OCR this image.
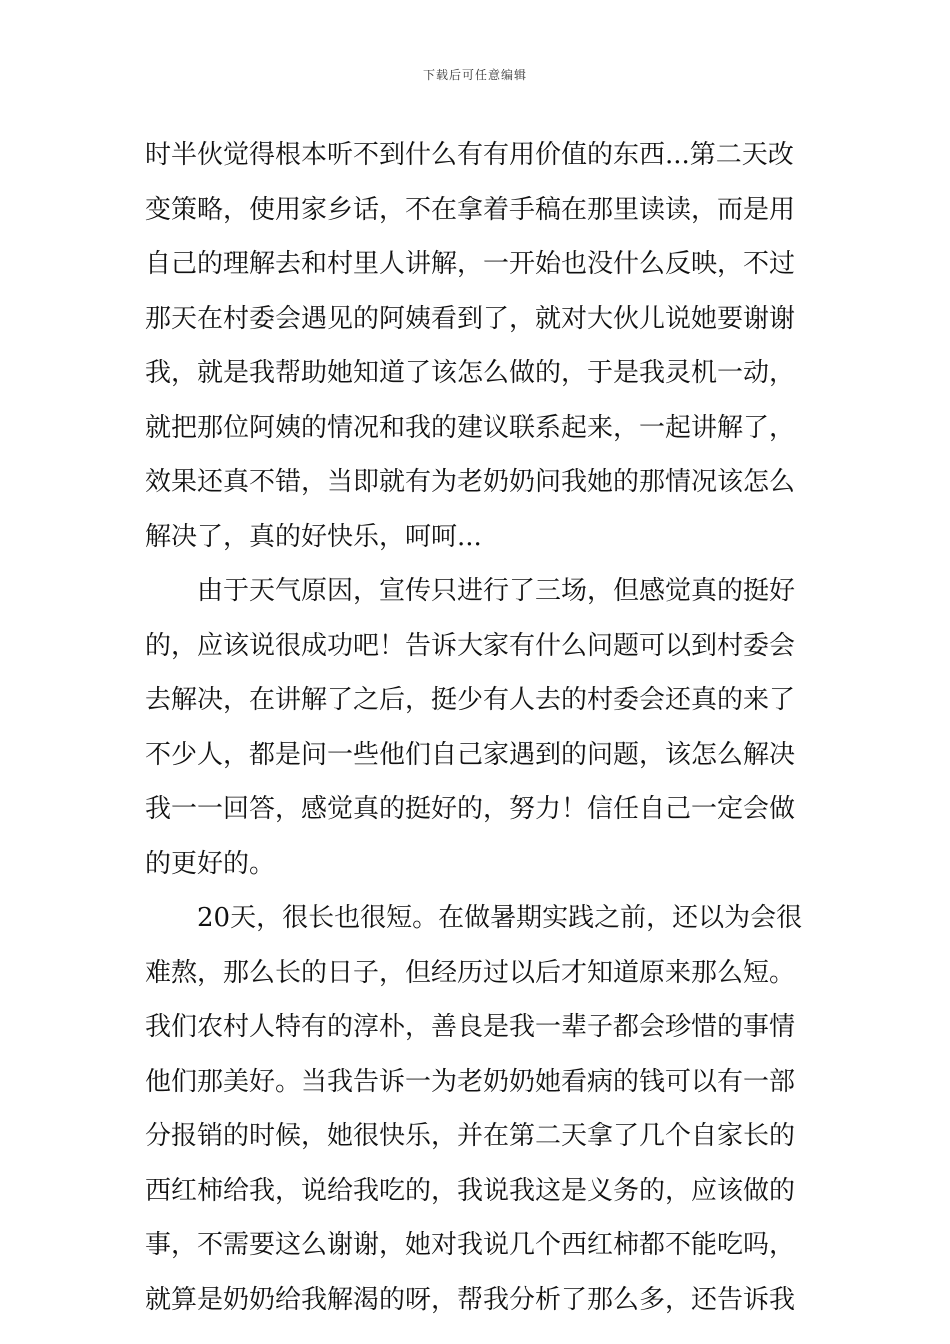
下载后可任意编辑
时半伙觉得根本听不到什么有有用价值的东西...第二天改
变策略，使用家乡话，不在拿着手稿在那里读读，而是用
自己的理解去和村里人讲解，一开始也没什么反映，不过
那天在村委会遇见的阿姨看到了，就对大伙儿说她要谢谢
我，就是我帮助她知道了该怎么做的，于是我灵机一动，
就把那位阿姨的情况和我的建议联系起来，一起讲解了，
效果还真不错，当即就有为老奶奶问我她的那情况该怎么
解决了，真的好快乐，呵呵...
由于天气原因，宣传只进行了三场，但感觉真的挺好
的，应该说很成功吧！告诉大家有什么问题可以到村委会
去解决，在讲解了之后，挺少有人去的村委会还真的来了
不少人，都是问一些他们自己家遇到的问题，该怎么解决
我一一回答，感觉真的挺好的，努力！信任自己一定会做
的更好的。
20天，很长也很短。在做暑期实践之前，还以为会很
难熬，那么长的日子，但经历过以后才知道原来那么短。
我们农村人特有的淳朴，善良是我一辈子都会珍惜的事情
他们那美好。当我告诉一为老奶奶她看病的钱可以有一部
分报销的时候，她很快乐，并在第二天拿了几个自家长的
西红柿给我，说给我吃的，我说我这是义务的，应该做的
事，不需要这么谢谢，她对我说几个西红柿都不能吃吗，
就算是奶奶给我解渴的呀，帮我分析了那么多，还告诉我
